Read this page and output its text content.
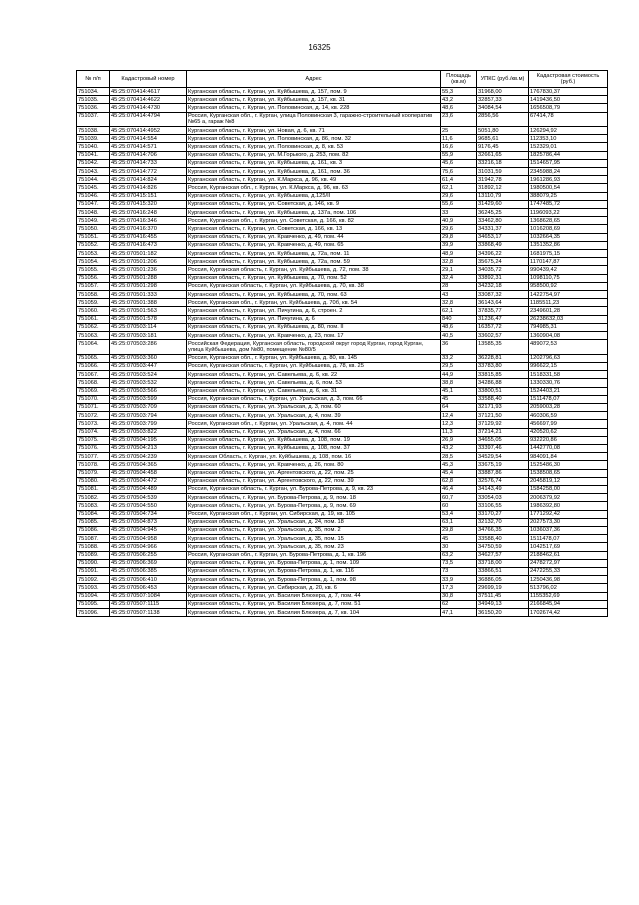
16325
№ п/п	Кадастровый номер	Адрес	Площадь (кв.м)	УПКС (руб./кв.м)	Кадастровая стоимость (руб.)
751034.	45:25:070414:4617	Курганская область, г. Курган, ул. Куйбышева, д. 157, пом. 9	55,3	31968,00	1767830,37
751035.	45:25:070414:4622	Курганская область, г. Курган, ул. Куйбышева, д. 157, кв. 31	43,2	32857,33	1419436,50
751036.	45:25:070414:4730	Курганская область, г. Курган, ул. Половинская, д. 14, кв. 228	48,6	34084,54	1656508,79
751037.	45:25:070414:4794	Россия, Курганская обл., г. Курган, улица Половинская 3, гаражно-строительный кооператив №65 а, гараж №8	23,6	2856,56	67414,78
751038.	45:25:070414:4952	Курганская область, г. Курган, ул. Новая, д. 6, кв. 71	25	5051,80	126294,92
751039.	45:25:070414:554	Курганская область, г. Курган, ул. Половинская, д. 86, пом. 32	11,6	9685,61	112353,10
751040.	45:25:070414:571	Курганская область, г. Курган, ул. Половинская, д. 8, кв. 53	16,6	9176,45	152329,01
751041.	45:25:070414:706	Курганская область, г. Курган, ул. М.Горького, д. 253, пом. 82	55,9	32661,65	1825786,44
751042.	45:25:070414:733	Курганская область, г. Курган, ул. Куйбышева, д. 161, кв. 3	45,6	33216,18	1514657,95
751043.	45:25:070414:772	Курганская область, г. Курган, ул. Куйбышева, д. 161, пом. 36	75,6	31031,59	2345988,24
751044.	45:25:070414:824	Курганская область, г. Курган, ул. К.Маркса, д. 96, кв. 49	61,4	31942,78	1961286,93
751045.	45:25:070414:826	Россия, Курганская обл., г. Курган, ул. К.Маркса, д. 96, кв. 63	62,1	31892,12	1980500,54
751046.	45:25:070415:151	Курганская область, г. Курган, ул. Куйбышева, д.125/II	29,6	13110,79	388079,25
751047.	45:25:070415:320	Курганская область, г. Курган, ул. Советская, д. 146, кв. 9	55,6	31429,60	1747485,72
751048.	45:25:070416:248	Курганская область, г. Курган, ул. Куйбышева, д. 137а, пом. 106	33	36245,25	1196093,22
751049.	45:25:070416:346	Россия, Курганская обл., г. Курган, ул. Советская, д. 166, кв. 82	40,9	33462,80	1368628,65
751050.	45:25:070416:370	Курганская область, г. Курган, ул. Советская, д. 166, кв. 13	29,6	34331,37	1016208,69
751051.	45:25:070416:455	Курганская область, г. Курган, ул. Кравченко, д. 49, пом. 44	29,8	34653,17	1032664,35
751052.	45:25:070416:473	Курганская область, г. Курган, ул. Кравченко, д. 49, пом. 65	39,9	33868,49	1351352,86
751053.	45:25:070501:182	Курганская область, г. Курган, ул. Куйбышева, д. 72а, пом. 11	48,9	34396,22	1681975,15
751054.	45:25:070501:206	Курганская область, г. Курган, ул. Куйбышева, д. 72а, пом. 59	32,8	35675,24	1170147,87
751055.	45:25:070501:236	Россия, Курганская область, г. Курган, ул. Куйбышева, д. 72, пом. 38	29,1	34035,72	990439,42
751056.	45:25:070501:288	Курганская область, г. Курган, ул. Куйбышева, д. 70, пом. 52	32,4	33892,31	1098110,75
751057.	45:25:070501:298	Россия, Курганская область, г. Курган, ул. Куйбышева, д. 70, кв. 38	28	34232,18	958500,92
751058.	45:25:070501:333	Курганская область, г. Курган, ул. Куйбышева, д. 70, пом. 63	43	33087,32	1422754,97
751059.	45:25:070501:388	Россия, Курганская обл., г. Курган, ул. Куйбышева, д. 70б, кв. 54	32,8	36143,64	1185511,23
751060.	45:25:070501:563	Курганская область, г. Курган, ул. Пичугина, д. 6, строен. 2	62,1	37835,77	2349601,28
751061.	45:25:070501:578	Курганская область, г. Курган, ул. Пичугина, д. 6	840	31236,47	26238632,03
751062.	45:25:070503:114	Курганская область, г. Курган, ул. Куйбышева, д. 80, пом. II	48,6	16357,72	794985,31
751063.	45:25:070503:181	Курганская область, г. Курган, ул. Кравченко, д. 23, пом. 17	40,5	33602,57	1360904,08
751064.	45:25:070503:286	Российская Федерация, Курганская область, городской округ город Курган, город Курган, улица Куйбышева, дом №80, помещение №80/5	36	13585,35	489072,53
751065.	45:25:070503:360	Россия, Курганская обл., г. Курган, ул. Куйбышева, д. 80, кв. 145	33,2	36228,81	1202796,63
751066.	45:25:070503:447	Россия, Курганская область, г. Курган, ул. Куйбышева, д. 78, кв. 25	29,5	33783,80	996622,15
751067.	45:25:070503:524	Курганская область, г. Курган, ул. Савельева, д. 6, кв. 22	44,9	33815,85	1518331,58
751068.	45:25:070503:532	Курганская область, г. Курган, ул. Савельева, д. 6, пом. 53	38,8	34286,88	1330330,76
751069.	45:25:070503:566	Курганская область, г. Курган, ул. Савельева, д. 6, кв. 31	45,1	33800,51	1524403,21
751070.	45:25:070503:599	Россия, Курганская область, г. Курган, ул. Уральская, д. 3, пом. 66	45	33588,40	1511478,07
751071.	45:25:070503:709	Курганская область, г. Курган, ул. Уральская, д. 3, пом. 60	64	32171,93	2059003,28
751072.	45:25:070503:794	Курганская область, г. Курган, ул. Уральская, д. 4, пом. 39	12,4	37121,50	460306,59
751073.	45:25:070503:799	Россия, Курганская обл., г. Курган, ул. Уральская, д. 4, пом. 44	12,3	37129,92	456697,99
751074.	45:25:070503:822	Курганская область, г. Курган, ул. Уральская, д. 4, пом. 66	11,3	37214,21	420520,62
751075.	45:25:070504:195	Курганская область, г. Курган, ул. Куйбышева, д. 108, пом. 19	26,9	34655,05	932220,86
751076.	45:25:070504:213	Курганская область, г. Курган, ул. Куйбышева, д. 108, пом. 37	43,2	33397,46	1442770,08
751077.	45:25:070504:239	Курганская Область, г. Курган, ул. Куйбышева, д. 108, пом. 16	28,5	34529,54	984091,84
751078.	45:25:070504:365	Курганская область, г. Курган, ул. Кравченко, д. 26, пом. 80	45,3	33675,19	1525486,30
751079.	45:25:070504:458	Курганская область, г. Курган, ул. Аргентовского, д. 22, пом. 25	45,4	33887,86	1538508,65
751080.	45:25:070504:472	Курганская область, г. Курган, ул. Аргентовского, д. 22, пом. 39	62,8	32576,74	2045819,12
751081.	45:25:070504:489	Россия, Курганская область, г. Курган, ул. Бурова-Петрова, д. 9, кв. 23	46,4	34143,49	1584258,00
751082.	45:25:070504:539	Курганская область, г. Курган, ул. Бурова-Петрова, д. 9, пом. 18	60,7	33054,03	2006379,92
751083.	45:25:070504:550	Курганская область, г. Курган, ул. Бурова-Петрова, д. 9, пом. 69	60	33106,55	1986392,80
751084.	45:25:070504:734	Россия, Курганская обл., г. Курган, ул. Сибирская, д. 19, кв. 105	53,4	33170,27	1771292,42
751085.	45:25:070504:873	Курганская область, г. Курган, ул. Уральская, д. 24, пом. 18	63,1	32132,70	2027573,30
751086.	45:25:070504:945	Курганская область, г. Курган, ул. Уральская, д. 35, пом. 2	29,8	34766,35	1036037,36
751087.	45:25:070504:958	Курганская область, г. Курган, ул. Уральская, д. 35, пом. 15	45	33588,40	1511478,07
751088.	45:25:070504:966	Курганская область, г. Курган, ул. Уральская, д. 35, пом. 23	30	34750,59	1042517,69
751089.	45:25:070506:255	Россия, Курганская обл., г. Курган, ул. Бурова-Петрова, д. 1, кв. 196	63,2	34627,57	2188462,61
751090.	45:25:070506:369	Курганская область, г. Курган, ул. Бурова-Петрова, д. 1, пом. 109	73,5	33718,00	2478272,97
751091.	45:25:070506:385	Курганская область, г. Курган, ул. Бурова-Петрова, д. 1, кв. 116	73	33866,51	2472255,33
751092.	45:25:070506:410	Курганская область, г. Курган, ул. Бурова-Петрова, д. 1, пом. 98	33,9	36886,05	1250436,98
751093.	45:25:070506:453	Курганская область, г. Курган, ул. Сибирская, д. 20, кв. 6	17,3	29699,19	513796,02
751094.	45:25:070507:1084	Курганская область, г. Курган, ул. Василия Блюхера, д. 7, пом. 44	30,8	37511,45	1155352,69
751095.	45:25:070507:1115	Курганская область, г. Курган, ул. Василия Блюхера, д. 7, пом. 51	62	34949,13	2166845,94
751096.	45:25:070507:1138	Курганская область, г. Курган, ул. Василия Блюхера, д. 7, кв. 104	47,1	36150,20	1702674,42
